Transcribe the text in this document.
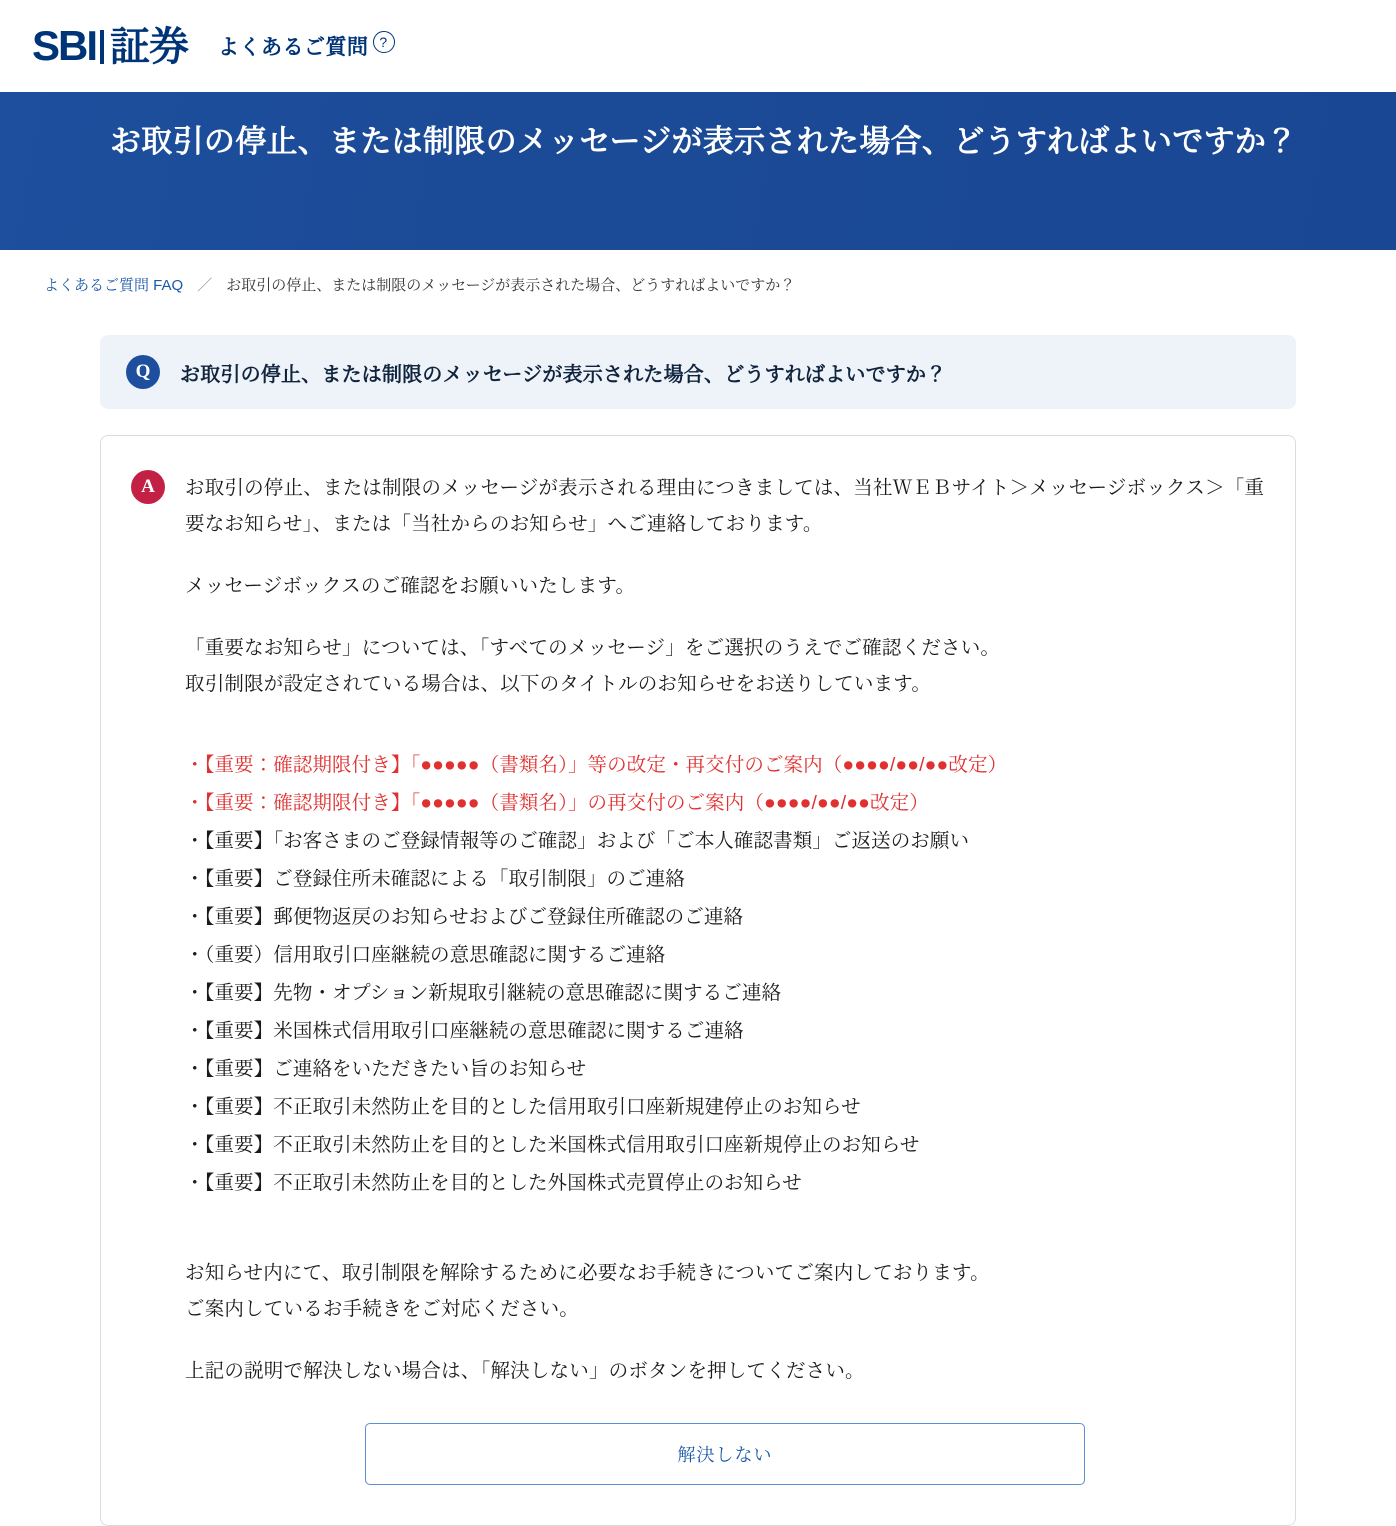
SBI 証券 よくあるご質問 ?
お取引の停止、または制限のメッセージが表示された場合、どうすればよいですか？
よくあるご質問 FAQ ／ お取引の停止、または制限のメッセージが表示された場合、どうすればよいですか？
Q	お取引の停止、または制限のメッセージが表示された場合、どうすればよいですか？
A	お取引の停止、または制限のメッセージが表示される理由につきましては、当社ＷＥＢサイト＞メッセージボックス＞「重要なお知らせ」、または「当社からのお知らせ」へご連絡しております。

メッセージボックスのご確認をお願いいたします。

「重要なお知らせ」については、「すべてのメッセージ」をご選択のうえでご確認ください。

取引制限が設定されている場合は、以下のタイトルのお知らせをお送りしています。

・【重要：確認期限付き】「●●●●●（書類名）」等の改定・再交付のご案内（●●●●/●●/●●改定）
・【重要：確認期限付き】「●●●●●（書類名）」の再交付のご案内（●●●●/●●/●●改定）
・【重要】「お客さまのご登録情報等のご確認」および「ご本人確認書類」ご返送のお願い
・【重要】ご登録住所未確認による「取引制限」のご連絡
・【重要】郵便物返戻のお知らせおよびご登録住所確認のご連絡
・（重要）信用取引口座継続の意思確認に関するご連絡
・【重要】先物・オプション新規取引継続の意思確認に関するご連絡
・【重要】米国株式信用取引口座継続の意思確認に関するご連絡
・【重要】ご連絡をいただきたい旨のお知らせ
・【重要】不正取引未然防止を目的とした信用取引口座新規建停止のお知らせ
・【重要】不正取引未然防止を目的とした米国株式信用取引口座新規停止のお知らせ
・【重要】不正取引未然防止を目的とした外国株式売買停止のお知らせ

お知らせ内にて、取引制限を解除するために必要なお手続きについてご案内しております。

ご案内しているお手続きをご対応ください。

上記の説明で解決しない場合は、「解決しない」のボタンを押してください。

解決しない
